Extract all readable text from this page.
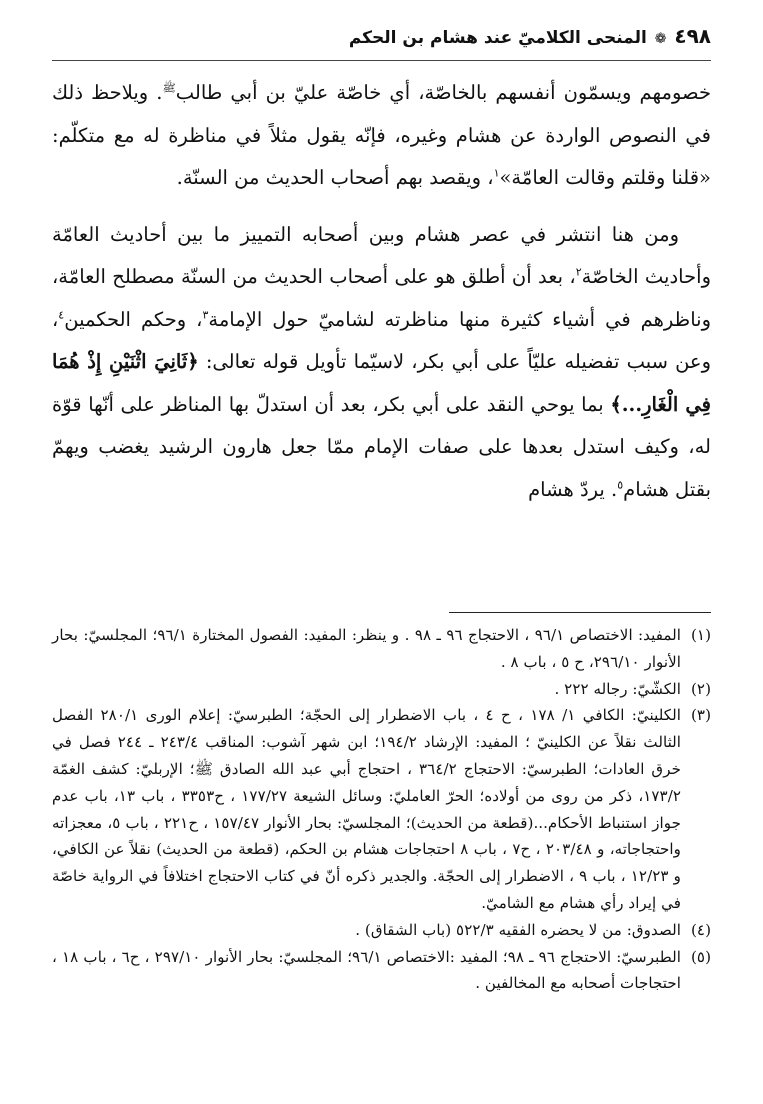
٤٩٨ ❁ المنحى الكلاميّ عند هشام بن الحكم

خصومهم ويسمّون أنفسهم بالخاصّة، أي خاصّة عليّ بن أبي طالب$^ﷺ$. ويلاحظ ذلك في النصوص الواردة عن هشام وغيره، فإنّه يقول مثلاً في مناظرة له مع متكلّم: «قلنا وقلتم وقالت العامّة»$^١$، ويقصد بهم أصحاب الحديث من السنّة.

ومن هنا انتشر في عصر هشام وبين أصحابه التمييز ما بين أحاديث العامّة وأحاديث الخاصّة$^٢$، بعد أن أطلق هو على أصحاب الحديث من السنّة مصطلح العامّة، وناظرهم في أشياء كثيرة منها مناظرته لشاميّ حول الإمامة$^٣$، وحكم الحكمين$^٤$، وعن سبب تفضيله عليّاً على أبي بكر، لاسيّما تأويل قوله تعالى: ﴿ثَانِيَ اثْنَيْنِ إِذْ هُمَا فِي الْغَارِ...﴾ بما يوحي النقد على أبي بكر، بعد أن استدلّ بها المناظر على أنّها قوّة له، وكيف استدل بعدها على صفات الإمام ممّا جعل هارون الرشيد يغضب ويهمّ بقتل هشام$^٥$. يردّ هشام

(١)
المفيد: الاختصاص ٩٦/١ ، الاحتجاج ٩٦ ـ ٩٨ . و ينظر: المفيد: الفصول المختارة ٩٦/١؛ المجلسيّ: بحار الأنوار ٢٩٦/١٠، ح ٥ ، باب ٨ .
(٢)
الكشّيّ: رجاله ٢٢٢ .
(٣)
الكلينيّ: الكافي ١/ ١٧٨ ، ح ٤ ، باب الاضطرار إلى الحجّة؛ الطبرسيّ: إعلام الورى ٢٨٠/١ الفصل الثالث نقلاً عن الكلينيّ ؛ المفيد: الإرشاد ١٩٤/٢؛ ابن شهر آشوب: المناقب ٢٤٣/٤ ـ ٢٤٤ فصل في خرق العادات؛ الطبرسيّ: الاحتجاج ٣٦٤/٢ ، احتجاج أبي عبد الله الصادق ﷺ؛ الإربليّ: كشف الغمّة ١٧٣/٢، ذكر من روى من أولاده؛ الحرّ العامليّ: وسائل الشيعة ١٧٧/٢٧ ، ح٣٣٥٣ ، باب ١٣، باب عدم جواز استنباط الأحكام...(قطعة من الحديث)؛ المجلسيّ: بحار الأنوار ١٥٧/٤٧ ، ح٢٢١ ، باب ٥، معجزاته واحتجاجاته، و ٢٠٣/٤٨ ، ح٧ ، باب ٨ احتجاجات هشام بن الحكم، (قطعة من الحديث) نقلاً عن الكافي، و ١٢/٢٣ ، باب ٩ ، الاضطرار إلى الحجّة. والجدير ذكره أنّ في كتاب الاحتجاج اختلافاً في الرواية خاصّة في إيراد رأي هشام مع الشاميّ.
(٤)
الصدوق: من لا يحضره الفقيه ٥٢٢/٣ (باب الشقاق) .
(٥)
الطبرسيّ: الاحتجاج ٩٦ ـ ٩٨؛ المفيد :الاختصاص ٩٦/١؛ المجلسيّ: بحار الأنوار ٢٩٧/١٠ ، ح٦ ، باب ١٨ ، احتجاجات أصحابه مع المخالفين .
